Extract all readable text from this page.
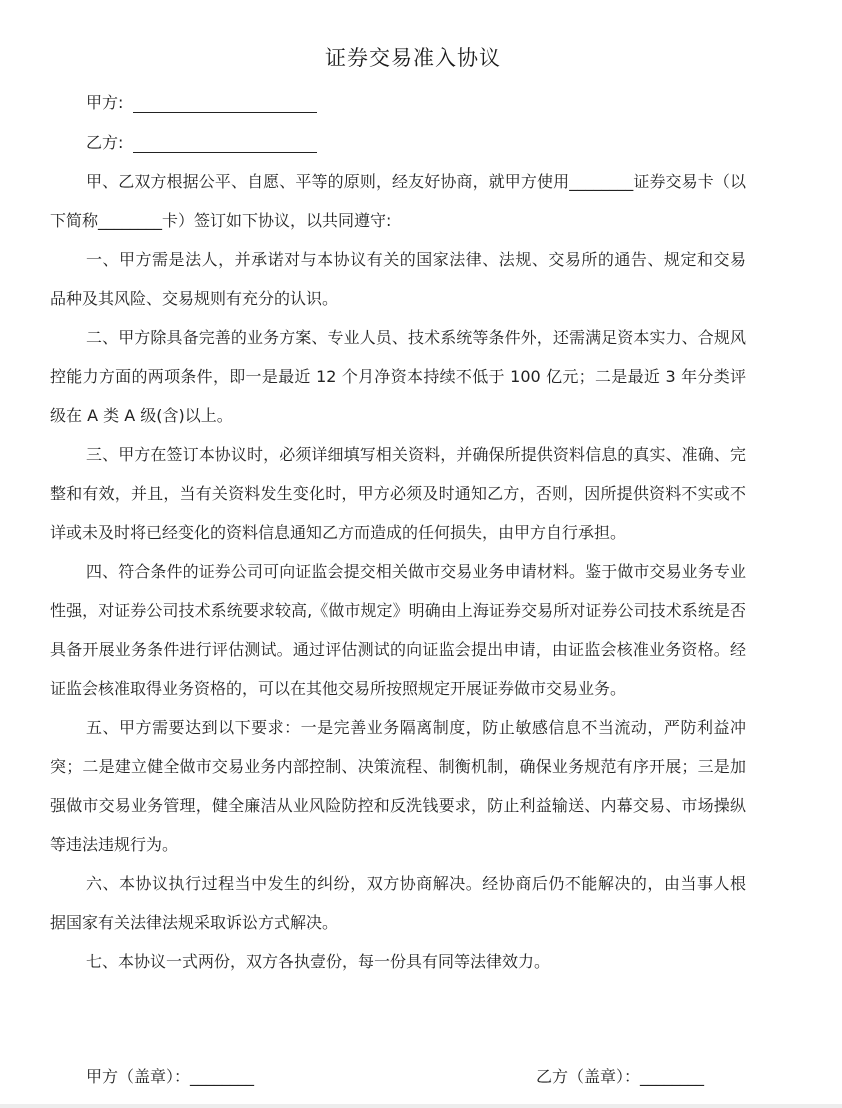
证券交易准入协议
甲方:
乙方:

甲、乙双方根据公平、自愿、平等的原则，经友好协商，就甲方使用________证券交易卡（以 下简称________卡）签订如下协议，以共同遵守:

一、甲方需是法人，并承诺对与本协议有关的国家法律、法规、交易所的通告、规定和交易 品种及其风险、交易规则有充分的认识。

二、甲方除具备完善的业务方案、专业人员、技术系统等条件外，还需满足资本实力、合规风控能力方面的两项条件，即一是最近 12 个月净资本持续不低于 100 亿元；二是最近 3 年分类评级在 A 类 A 级(含)以上。

三、甲方在签订本协议时，必须详细填写相关资料，并确保所提供资料信息的真实、准确、完 整和有效，并且，当有关资料发生变化时，甲方必须及时通知乙方，否则，因所提供资料不实或不详或未及时将已经变化的资料信息通知乙方而造成的任何损失，由甲方自行承担。

四、符合条件的证券公司可向证监会提交相关做市交易业务申请材料。鉴于做市交易业务专业性强，对证券公司技术系统要求较高,《做市规定》明确由上海证券交易所对证券公司技术系统是否具备开展业务条件进行评估测试。通过评估测试的向证监会提出申请，由证监会核准业务资格。经证监会核准取得业务资格的，可以在其他交易所按照规定开展证券做市交易业务。

五、甲方需要达到以下要求：一是完善业务隔离制度，防止敏感信息不当流动，严防利益冲突；二是建立健全做市交易业务内部控制、决策流程、制衡机制，确保业务规范有序开展；三是加强做市交易业务管理，健全廉洁从业风险防控和反洗钱要求，防止利益输送、内幕交易、市场操纵等违法违规行为。

六、本协议执行过程当中发生的纠纷，双方协商解决。经协商后仍不能解决的，由当事人根 据国家有关法律法规采取诉讼方式解决。

七、本协议一式两份，双方各执壹份，每一份具有同等法律效力。

甲方（盖章）：________	乙方（盖章）：________
